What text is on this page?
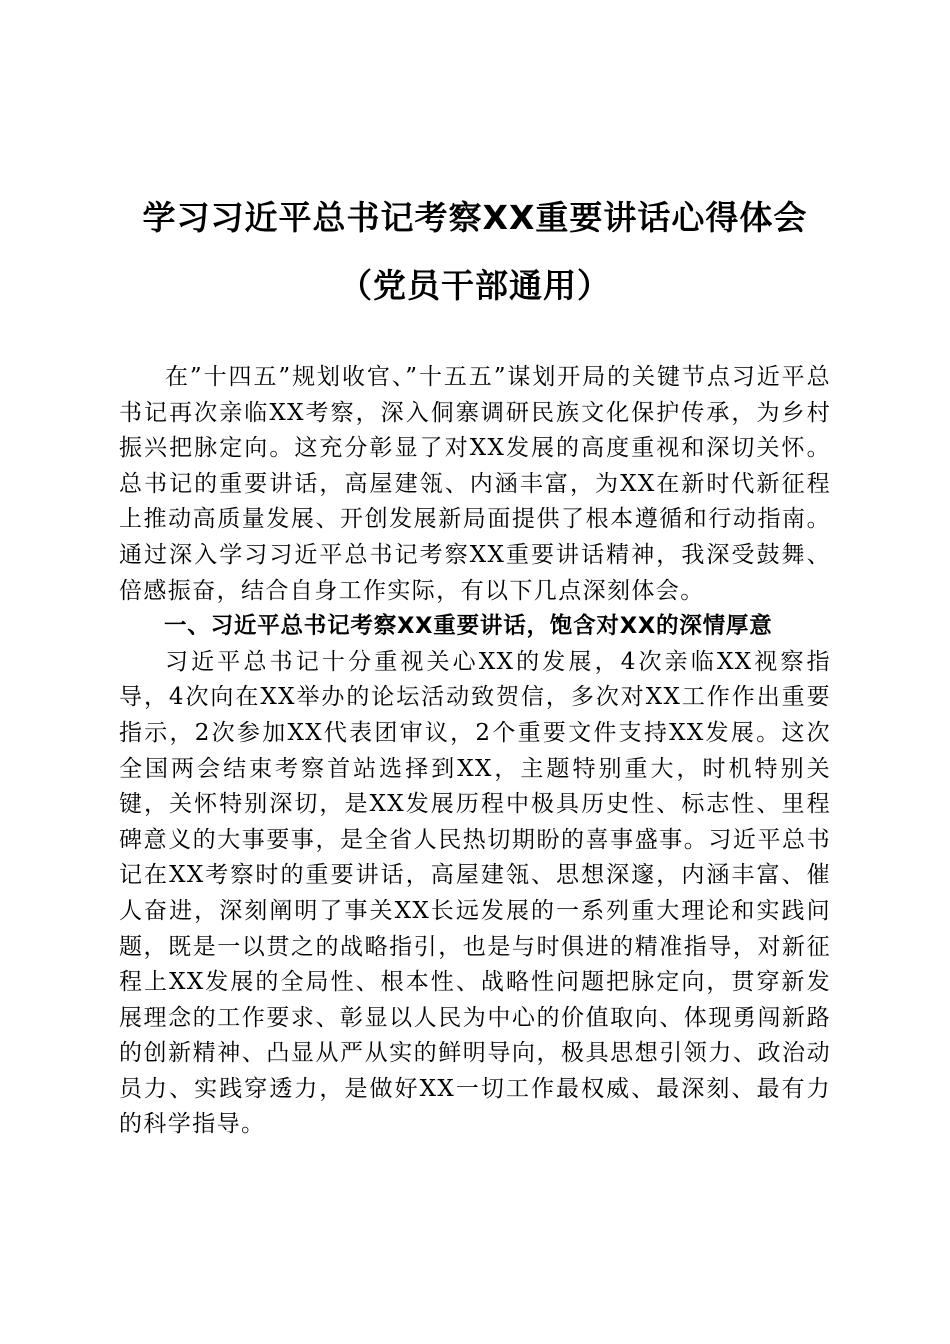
学习习近平总书记考察XX重要讲话心得体会
（党员干部通用）

在”十四五”规划收官、”十五五”谋划开局的关键节点习近平总书记再次亲临XX考察，深入侗寨调研民族文化保护传承，为乡村振兴把脉定向。这充分彰显了对XX发展的高度重视和深切关怀。总书记的重要讲话，高屋建瓴、内涵丰富，为XX在新时代新征程上推动高质量发展、开创发展新局面提供了根本遵循和行动指南。通过深入学习习近平总书记考察XX重要讲话精神，我深受鼓舞、倍感振奋，结合自身工作实际，有以下几点深刻体会。

一、习近平总书记考察XX重要讲话，饱含对XX的深情厚意

习近平总书记十分重视关心XX的发展，4次亲临XX视察指导，4次向在XX举办的论坛活动致贺信，多次对XX工作作出重要指示，2次参加XX代表团审议，2个重要文件支持XX发展。这次全国两会结束考察首站选择到XX，主题特别重大，时机特别关键，关怀特别深切，是XX发展历程中极具历史性、标志性、里程碑意义的大事要事，是全省人民热切期盼的喜事盛事。习近平总书记在XX考察时的重要讲话，高屋建瓴、思想深邃，内涵丰富、催人奋进，深刻阐明了事关XX长远发展的一系列重大理论和实践问题，既是一以贯之的战略指引，也是与时俱进的精准指导，对新征程上XX发展的全局性、根本性、战略性问题把脉定向，贯穿新发展理念的工作要求、彰显以人民为中心的价值取向、体现勇闯新路的创新精神、凸显从严从实的鲜明导向，极具思想引领力、政治动员力、实践穿透力，是做好XX一切工作最权威、最深刻、最有力的科学指导。
